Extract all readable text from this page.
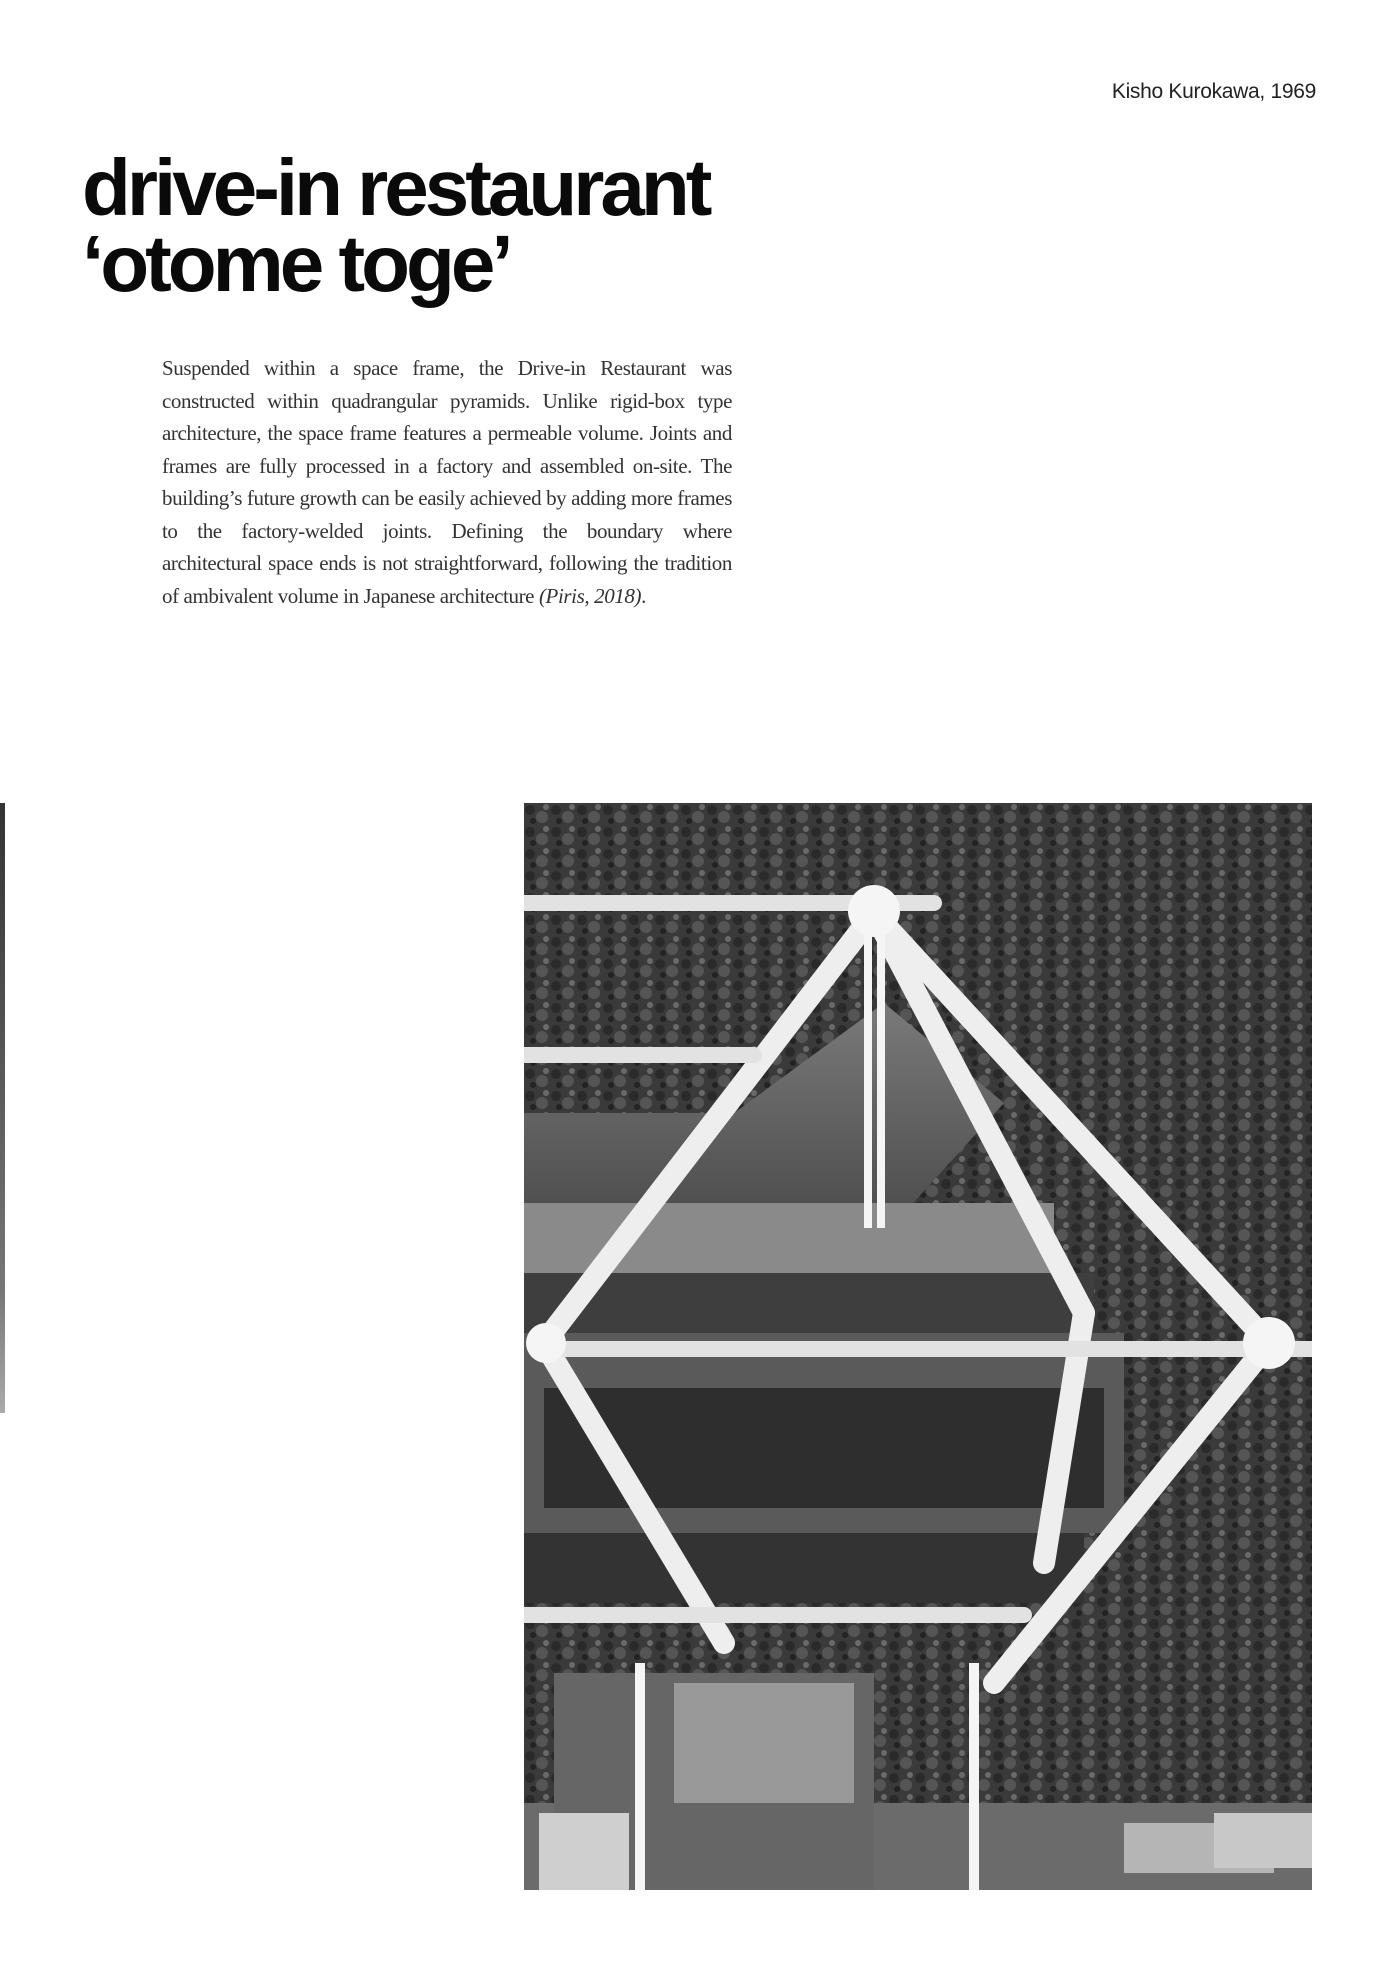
Kisho Kurokawa, 1969
drive-in restaurant
‘otome toge’

Suspended within a space frame, the Drive-in Restaurant was constructed within quadrangular pyramids. Unlike rigid-box type architecture, the space frame features a permeable volume. Joints and frames are fully processed in a factory and assembled on-site. The building’s future growth can be easily achieved by adding more frames to the factory-welded joints. Defining the boundary where architectural space ends is not straightforward, following the tradition of ambivalent volume in Japanese architecture (Piris, 2018).
